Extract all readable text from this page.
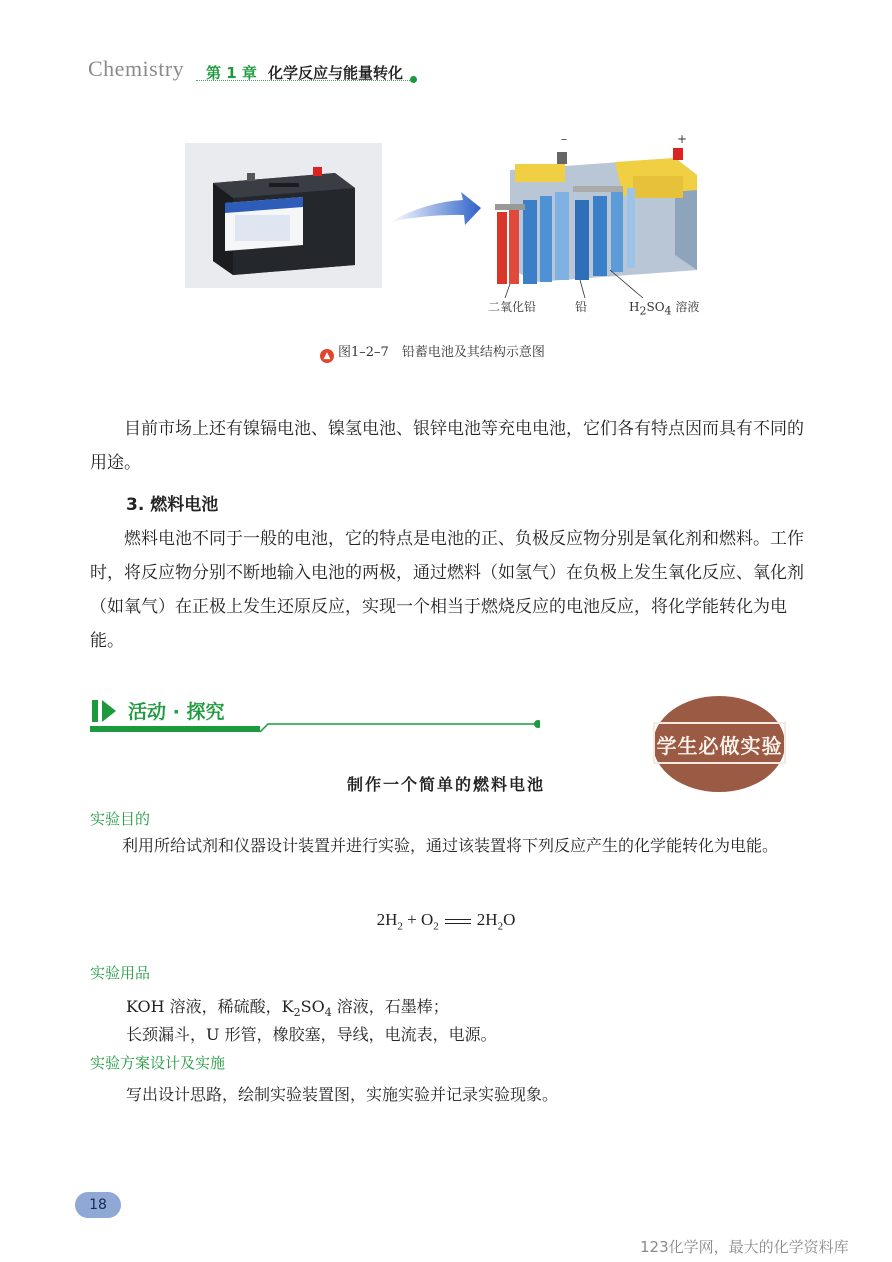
Chemistry 第 1 章 化学反应与能量转化
–	+
二氧化铅	铅	$H_2SO_4$ 溶液
▲ 图1–2–7　铅蓄电池及其结构示意图
目前市场上还有镍镉电池、镍氢电池、银锌电池等充电电池，它们各有特点因而具有不同的用途。
3. 燃料电池
燃料电池不同于一般的电池，它的特点是电池的正、负极反应物分别是氧化剂和燃料。工作时，将反应物分别不断地输入电池的两极，通过燃料（如氢气）在负极上发生氧化反应、氧化剂（如氧气）在正极上发生还原反应，实现一个相当于燃烧反应的电池反应，将化学能转化为电能。
活动 · 探究
学生必做实验
制作一个简单的燃料电池
实验目的
利用所给试剂和仪器设计装置并进行实验，通过该装置将下列反应产生的化学能转化为电能。
$2H_2 + O_2$ $2H_2O$
实验用品
KOH 溶液，稀硫酸，$K_2SO_4$ 溶液，石墨棒；
长颈漏斗，U 形管，橡胶塞，导线，电流表，电源。
实验方案设计及实施
写出设计思路，绘制实验装置图，实施实验并记录实验现象。
18
123化学网，最大的化学资料库
